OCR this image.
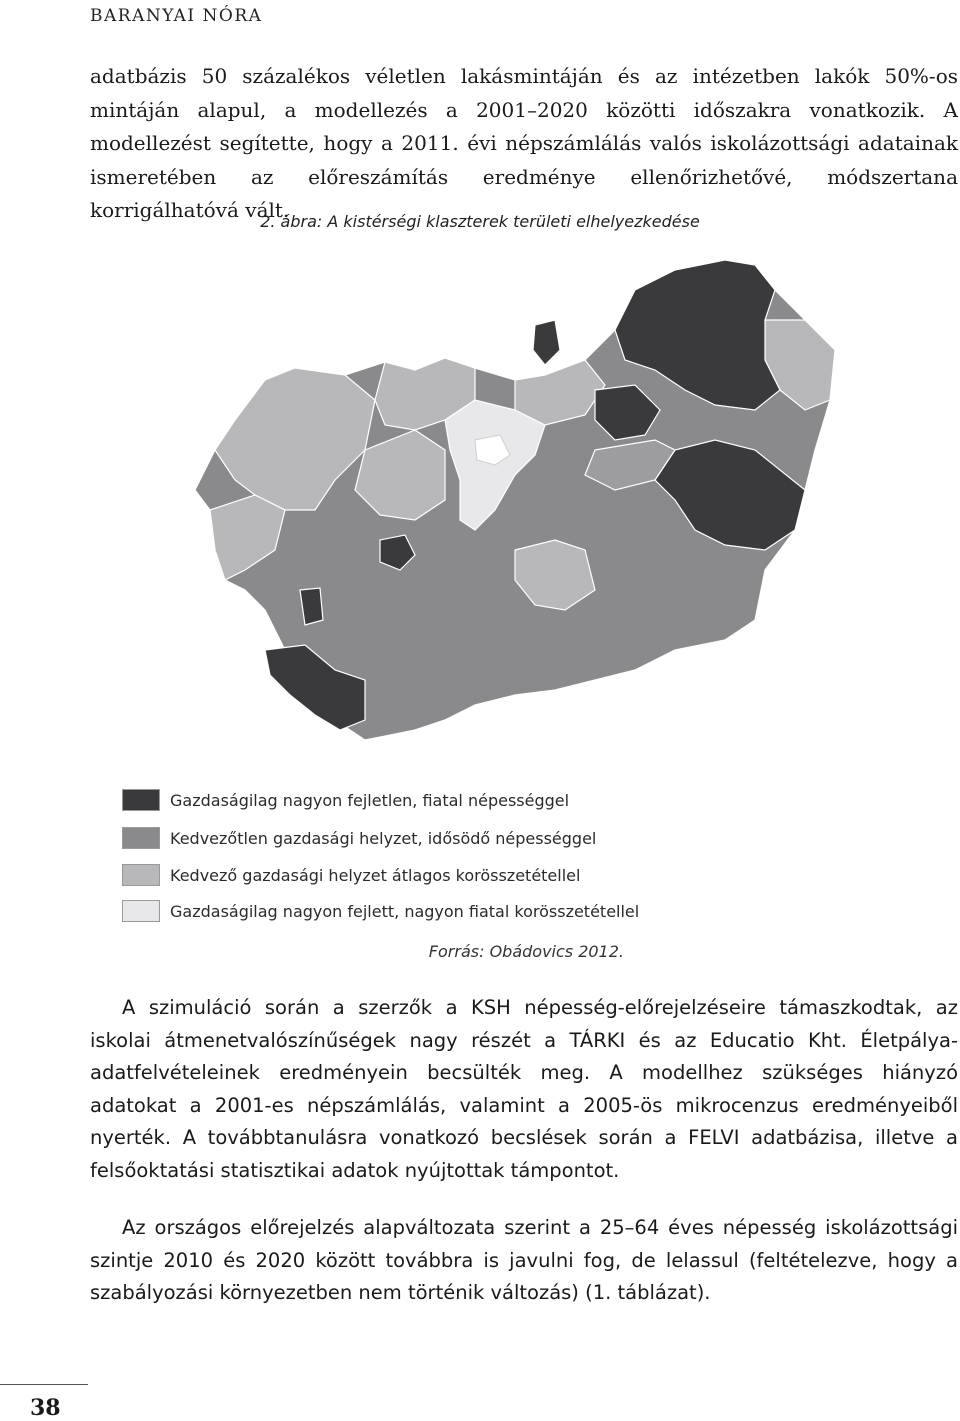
BARANYAI NÓRA

adatbázis 50 százalékos véletlen lakásmintáján és az intézetben lakók 50%-os mintáján alapul, a modellezés a 2001–2020 közötti időszakra vonatkozik. A modellezést segítette, hogy a 2011. évi népszámlálás valós iskolázottsági adatainak ismeretében az előreszámítás eredménye ellenőrizhetővé, módszertana korrigálhatóvá vált.

2. ábra: A kistérségi klaszterek területi elhelyezkedése
Gazdaságilag nagyon fejletlen, fiatal népességgel
Kedvezőtlen gazdasági helyzet, idősödő népességgel
Kedvező gazdasági helyzet átlagos korösszetétellel
Gazdaságilag nagyon fejlett, nagyon fiatal korösszetétellel
Forrás: Obádovics 2012.

A szimuláció során a szerzők a KSH népesség-előrejelzéseire támaszkodtak, az iskolai átmenetvalószínűségek nagy részét a TÁRKI és az Educatio Kht. Életpálya-adatfelvételeinek eredményein becsülték meg. A modellhez szükséges hiányzó adatokat a 2001-es népszámlálás, valamint a 2005-ös mikrocenzus eredményeiből nyerték. A továbbtanulásra vonatkozó becslések során a FELVI adatbázisa, illetve a felsőoktatási statisztikai adatok nyújtottak támpontot.

Az országos előrejelzés alapváltozata szerint a 25–64 éves népesség iskolázottsági szintje 2010 és 2020 között továbbra is javulni fog, de lelassul (feltételezve, hogy a szabályozási környezetben nem történik változás) (1. táblázat).

38
